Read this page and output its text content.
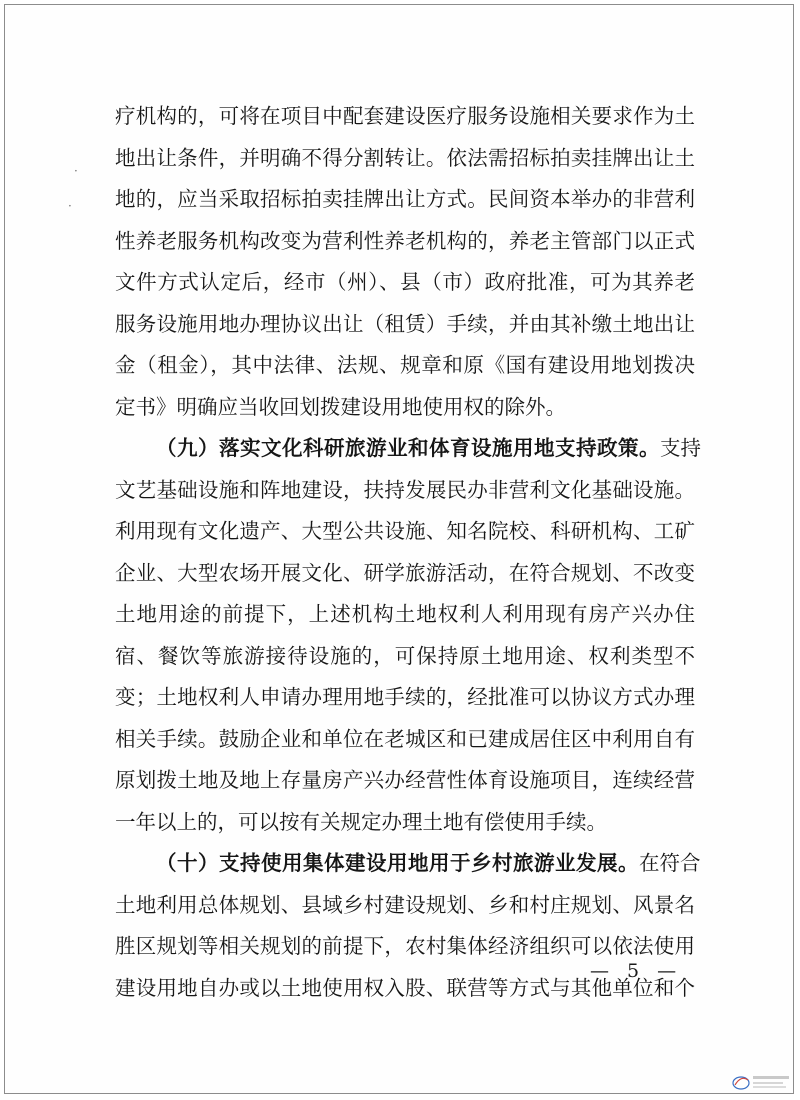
·
·
疗机构的，可将在项目中配套建设医疗服务设施相关要求作为土
地出让条件，并明确不得分割转让。依法需招标拍卖挂牌出让土
地的，应当采取招标拍卖挂牌出让方式。民间资本举办的非营利
性养老服务机构改变为营利性养老机构的，养老主管部门以正式
文件方式认定后，经市（州）、县（市）政府批准，可为其养老
服务设施用地办理协议出让（租赁）手续，并由其补缴土地出让
金（租金），其中法律、法规、规章和原《国有建设用地划拨决
定书》明确应当收回划拨建设用地使用权的除外。
（九）落实文化科研旅游业和体育设施用地支持政策。支持
文艺基础设施和阵地建设，扶持发展民办非营利文化基础设施。
利用现有文化遗产、大型公共设施、知名院校、科研机构、工矿
企业、大型农场开展文化、研学旅游活动，在符合规划、不改变
土地用途的前提下，上述机构土地权利人利用现有房产兴办住
宿、餐饮等旅游接待设施的，可保持原土地用途、权利类型不
变；土地权利人申请办理用地手续的，经批准可以协议方式办理
相关手续。鼓励企业和单位在老城区和已建成居住区中利用自有
原划拨土地及地上存量房产兴办经营性体育设施项目，连续经营
一年以上的，可以按有关规定办理土地有偿使用手续。
（十）支持使用集体建设用地用于乡村旅游业发展。在符合
土地利用总体规划、县域乡村建设规划、乡和村庄规划、风景名
胜区规划等相关规划的前提下，农村集体经济组织可以依法使用
建设用地自办或以土地使用权入股、联营等方式与其他单位和个
— 5 —
